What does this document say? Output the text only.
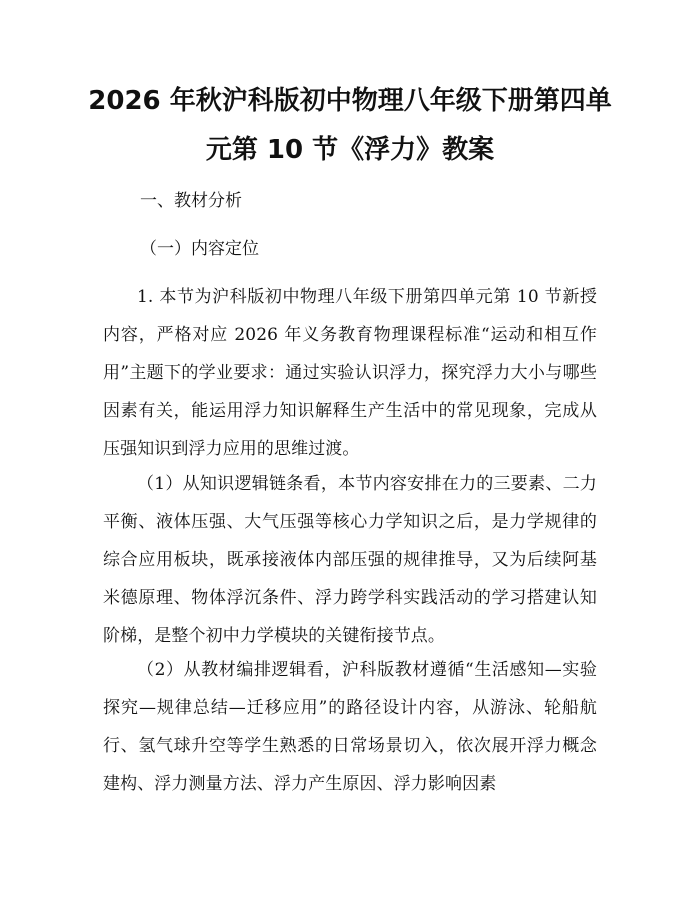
2026 年秋沪科版初中物理八年级下册第四单
元第 10 节《浮力》教案

一、教材分析

（一）内容定位

1. 本节为沪科版初中物理八年级下册第四单元第 10 节新授内容，严格对应 2026 年义务教育物理课程标准“运动和相互作用”主题下的学业要求：通过实验认识浮力，探究浮力大小与哪些因素有关，能运用浮力知识解释生产生活中的常见现象，完成从压强知识到浮力应用的思维过渡。

（1）从知识逻辑链条看，本节内容安排在力的三要素、二力平衡、液体压强、大气压强等核心力学知识之后，是力学规律的综合应用板块，既承接液体内部压强的规律推导，又为后续阿基米德原理、物体浮沉条件、浮力跨学科实践活动的学习搭建认知阶梯，是整个初中力学模块的关键衔接节点。

（2）从教材编排逻辑看，沪科版教材遵循“生活感知—实验探究—规律总结—迁移应用”的路径设计内容，从游泳、轮船航行、氢气球升空等学生熟悉的日常场景切入，依次展开浮力概念建构、浮力测量方法、浮力产生原因、浮力影响因素
